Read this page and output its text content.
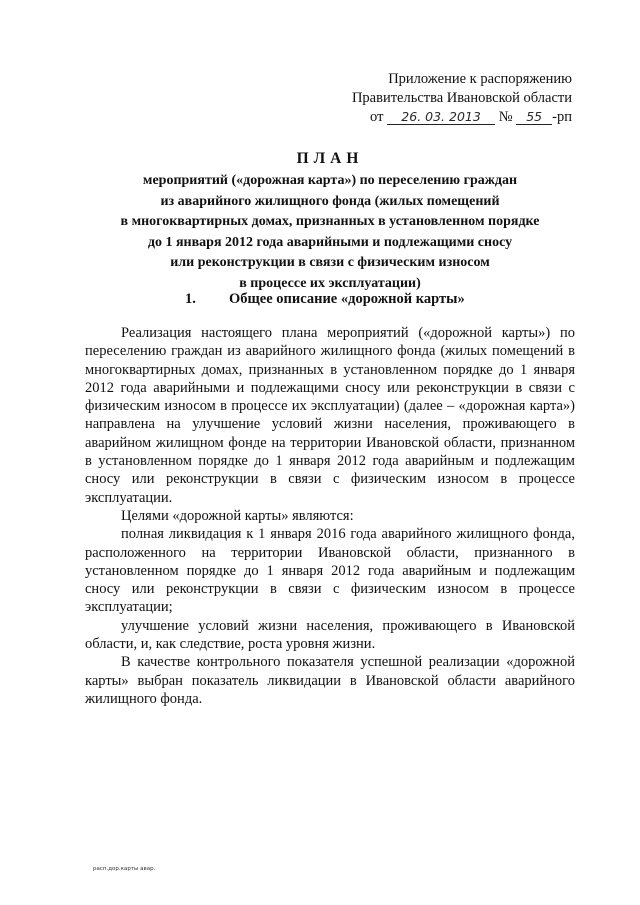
Приложение к распоряжению
Правительства Ивановской области
от 26. 03. 2013 № 55 -рп
ПЛАН
мероприятий («дорожная карта») по переселению граждан
из аварийного жилищного фонда (жилых помещений
в многоквартирных домах, признанных в установленном порядке
до 1 января 2012 года аварийными и подлежащими сносу
или реконструкции в связи с физическим износом
в процессе их эксплуатации)
1. Общее описание «дорожной карты»

Реализация настоящего плана мероприятий («дорожной карты») по переселению граждан из аварийного жилищного фонда (жилых помещений в многоквартирных домах, признанных в установленном порядке до 1 января 2012 года аварийными и подлежащими сносу или реконструкции в связи с физическим износом в процессе их эксплуатации) (далее – «дорожная карта») направлена на улучшение условий жизни населения, проживающего в аварийном жилищном фонде на территории Ивановской области, признанном в установленном порядке до 1 января 2012 года аварийным и подлежащим сносу или реконструкции в связи с физическим износом в процессе эксплуатации.

Целями «дорожной карты» являются:

полная ликвидация к 1 января 2016 года аварийного жилищного фонда, расположенного на территории Ивановской области, признанного в установленном порядке до 1 января 2012 года аварийным и подлежащим сносу или реконструкции в связи с физическим износом в процессе эксплуатации;

улучшение условий жизни населения, проживающего в Ивановской области, и, как следствие, роста уровня жизни.

В качестве контрольного показателя успешной реализации «дорожной карты» выбран показатель ликвидации в Ивановской области аварийного жилищного фонда.

расп.дор.карты авар.
